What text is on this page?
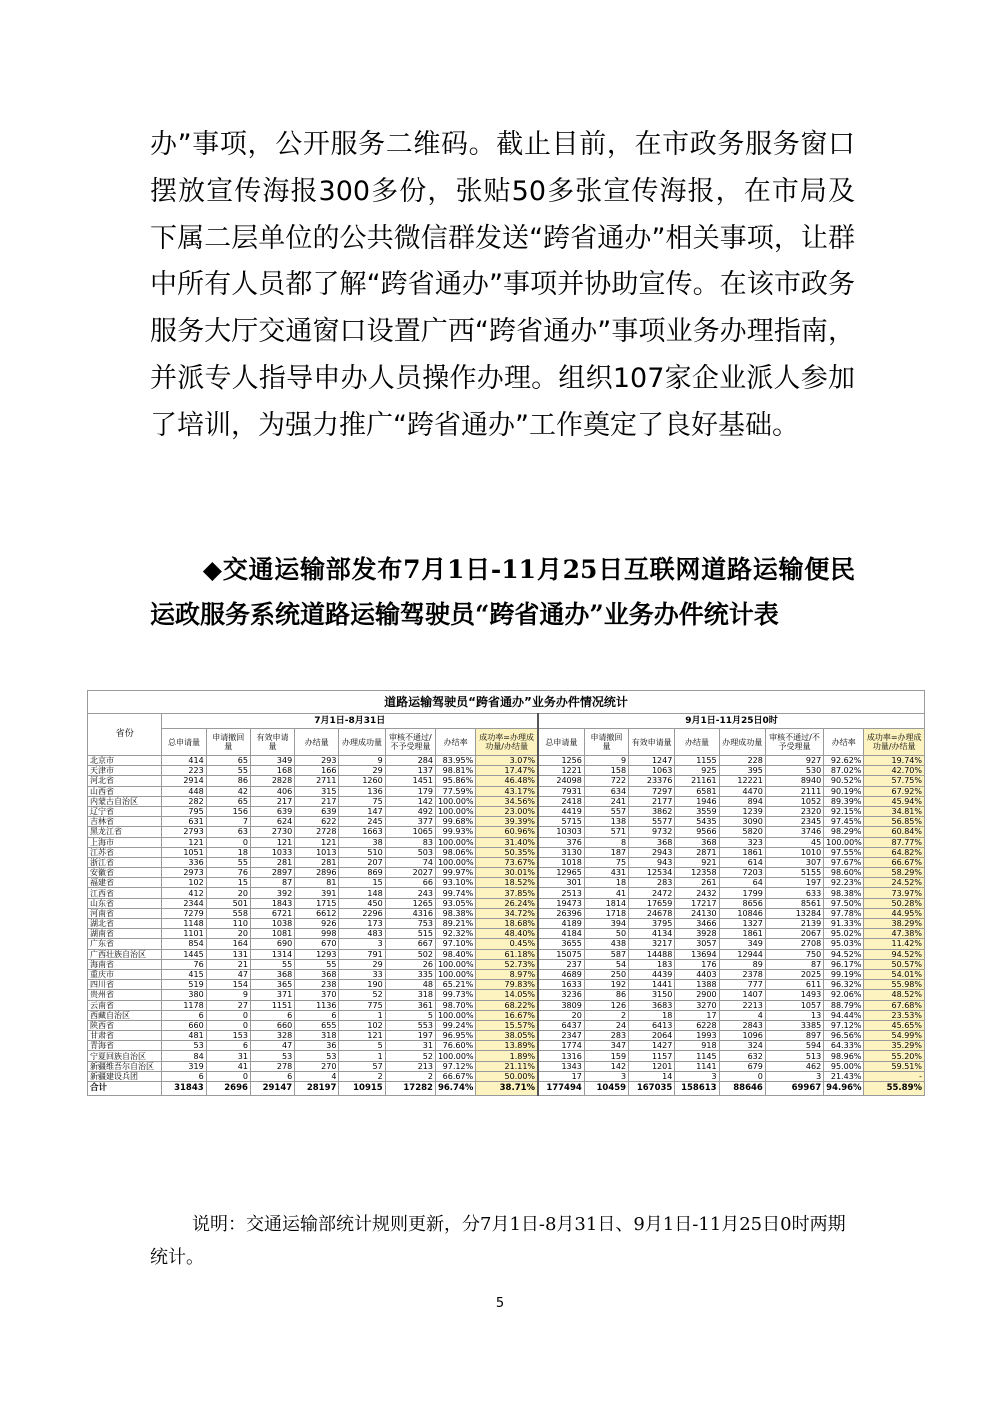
办”事项，公开服务二维码。截止目前，在市政务服务窗口摆放宣传海报300多份，张贴50多张宣传海报，在市局及下属二层单位的公共微信群发送“跨省通办”相关事项，让群中所有人员都了解“跨省通办”事项并协助宣传。在该市政务服务大厅交通窗口设置广西“跨省通办”事项业务办理指南，并派专人指导申办人员操作办理。组织107家企业派人参加了培训，为强力推广“跨省通办”工作奠定了良好基础。
◆交通运输部发布7月1日-11月25日互联网道路运输便民运政服务系统道路运输驾驶员“跨省通办”业务办件统计表
道路运输驾驶员“跨省通办”业务办件情况统计																
省份	7月1日-8月31日								9月1日-11月25日0时							
	总申请量	申请撤回量	有效申请量	办结量	办理成功量	审核不通过/不予受理量	办结率	成功率=办理成功量/办结量	总申请量	申请撤回量	有效申请量	办结量	办理成功量	审核不通过/不予受理量	办结率	成功率=办理成功量/办结量
北京市	414	65	349	293	9	284	83.95%	3.07%	1256	9	1247	1155	228	927	92.62%	19.74%
天津市	223	55	168	166	29	137	98.81%	17.47%	1221	158	1063	925	395	530	87.02%	42.70%
河北省	2914	86	2828	2711	1260	1451	95.86%	46.48%	24098	722	23376	21161	12221	8940	90.52%	57.75%
山西省	448	42	406	315	136	179	77.59%	43.17%	7931	634	7297	6581	4470	2111	90.19%	67.92%
内蒙古自治区	282	65	217	217	75	142	100.00%	34.56%	2418	241	2177	1946	894	1052	89.39%	45.94%
辽宁省	795	156	639	639	147	492	100.00%	23.00%	4419	557	3862	3559	1239	2320	92.15%	34.81%
吉林省	631	7	624	622	245	377	99.68%	39.39%	5715	138	5577	5435	3090	2345	97.45%	56.85%
黑龙江省	2793	63	2730	2728	1663	1065	99.93%	60.96%	10303	571	9732	9566	5820	3746	98.29%	60.84%
上海市	121	0	121	121	38	83	100.00%	31.40%	376	8	368	368	323	45	100.00%	87.77%
江苏省	1051	18	1033	1013	510	503	98.06%	50.35%	3130	187	2943	2871	1861	1010	97.55%	64.82%
浙江省	336	55	281	281	207	74	100.00%	73.67%	1018	75	943	921	614	307	97.67%	66.67%
安徽省	2973	76	2897	2896	869	2027	99.97%	30.01%	12965	431	12534	12358	7203	5155	98.60%	58.29%
福建省	102	15	87	81	15	66	93.10%	18.52%	301	18	283	261	64	197	92.23%	24.52%
江西省	412	20	392	391	148	243	99.74%	37.85%	2513	41	2472	2432	1799	633	98.38%	73.97%
山东省	2344	501	1843	1715	450	1265	93.05%	26.24%	19473	1814	17659	17217	8656	8561	97.50%	50.28%
河南省	7279	558	6721	6612	2296	4316	98.38%	34.72%	26396	1718	24678	24130	10846	13284	97.78%	44.95%
湖北省	1148	110	1038	926	173	753	89.21%	18.68%	4189	394	3795	3466	1327	2139	91.33%	38.29%
湖南省	1101	20	1081	998	483	515	92.32%	48.40%	4184	50	4134	3928	1861	2067	95.02%	47.38%
广东省	854	164	690	670	3	667	97.10%	0.45%	3655	438	3217	3057	349	2708	95.03%	11.42%
广西壮族自治区	1445	131	1314	1293	791	502	98.40%	61.18%	15075	587	14488	13694	12944	750	94.52%	94.52%
海南省	76	21	55	55	29	26	100.00%	52.73%	237	54	183	176	89	87	96.17%	50.57%
重庆市	415	47	368	368	33	335	100.00%	8.97%	4689	250	4439	4403	2378	2025	99.19%	54.01%
四川省	519	154	365	238	190	48	65.21%	79.83%	1633	192	1441	1388	777	611	96.32%	55.98%
贵州省	380	9	371	370	52	318	99.73%	14.05%	3236	86	3150	2900	1407	1493	92.06%	48.52%
云南省	1178	27	1151	1136	775	361	98.70%	68.22%	3809	126	3683	3270	2213	1057	88.79%	67.68%
西藏自治区	6	0	6	6	1	5	100.00%	16.67%	20	2	18	17	4	13	94.44%	23.53%
陕西省	660	0	660	655	102	553	99.24%	15.57%	6437	24	6413	6228	2843	3385	97.12%	45.65%
甘肃省	481	153	328	318	121	197	96.95%	38.05%	2347	283	2064	1993	1096	897	96.56%	54.99%
青海省	53	6	47	36	5	31	76.60%	13.89%	1774	347	1427	918	324	594	64.33%	35.29%
宁夏回族自治区	84	31	53	53	1	52	100.00%	1.89%	1316	159	1157	1145	632	513	98.96%	55.20%
新疆维吾尔自治区	319	41	278	270	57	213	97.12%	21.11%	1343	142	1201	1141	679	462	95.00%	59.51%
新疆建设兵团	6	0	6	4	2	2	66.67%	50.00%	17	3	14	3	0	3	21.43%	-
合计	31843	2696	29147	28197	10915	17282	96.74%	38.71%	177494	10459	167035	158613	88646	69967	94.96%	55.89%
说明：交通运输部统计规则更新，分7月1日-8月31日、9月1日-11月25日0时两期统计。
5
